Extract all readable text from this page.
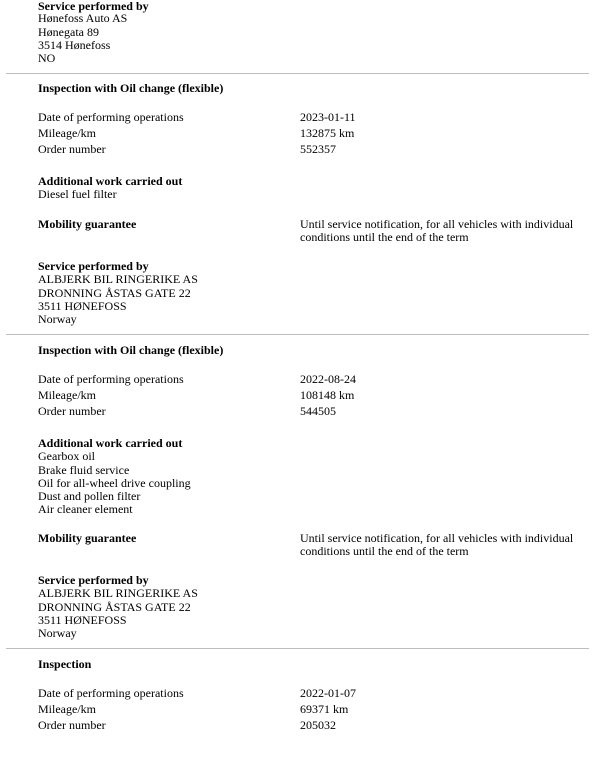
Service performed by
Hønefoss Auto AS
Hønegata 89
3514 Hønefoss
NO
Inspection with Oil change (flexible)
Date of performing operations	2023-01-11
Mileage/km	132875 km
Order number	552357
Additional work carried out
Diesel fuel filter
Mobility guarantee	Until service notification, for all vehicles with individual
conditions until the end of the term
Service performed by
ALBJERK BIL RINGERIKE AS
DRONNING ÅSTAS GATE 22
3511 HØNEFOSS
Norway
Inspection with Oil change (flexible)
Date of performing operations	2022-08-24
Mileage/km	108148 km
Order number	544505
Additional work carried out
Gearbox oil
Brake fluid service
Oil for all-wheel drive coupling
Dust and pollen filter
Air cleaner element
Mobility guarantee	Until service notification, for all vehicles with individual
conditions until the end of the term
Service performed by
ALBJERK BIL RINGERIKE AS
DRONNING ÅSTAS GATE 22
3511 HØNEFOSS
Norway
Inspection
Date of performing operations	2022-01-07
Mileage/km	69371 km
Order number	205032
